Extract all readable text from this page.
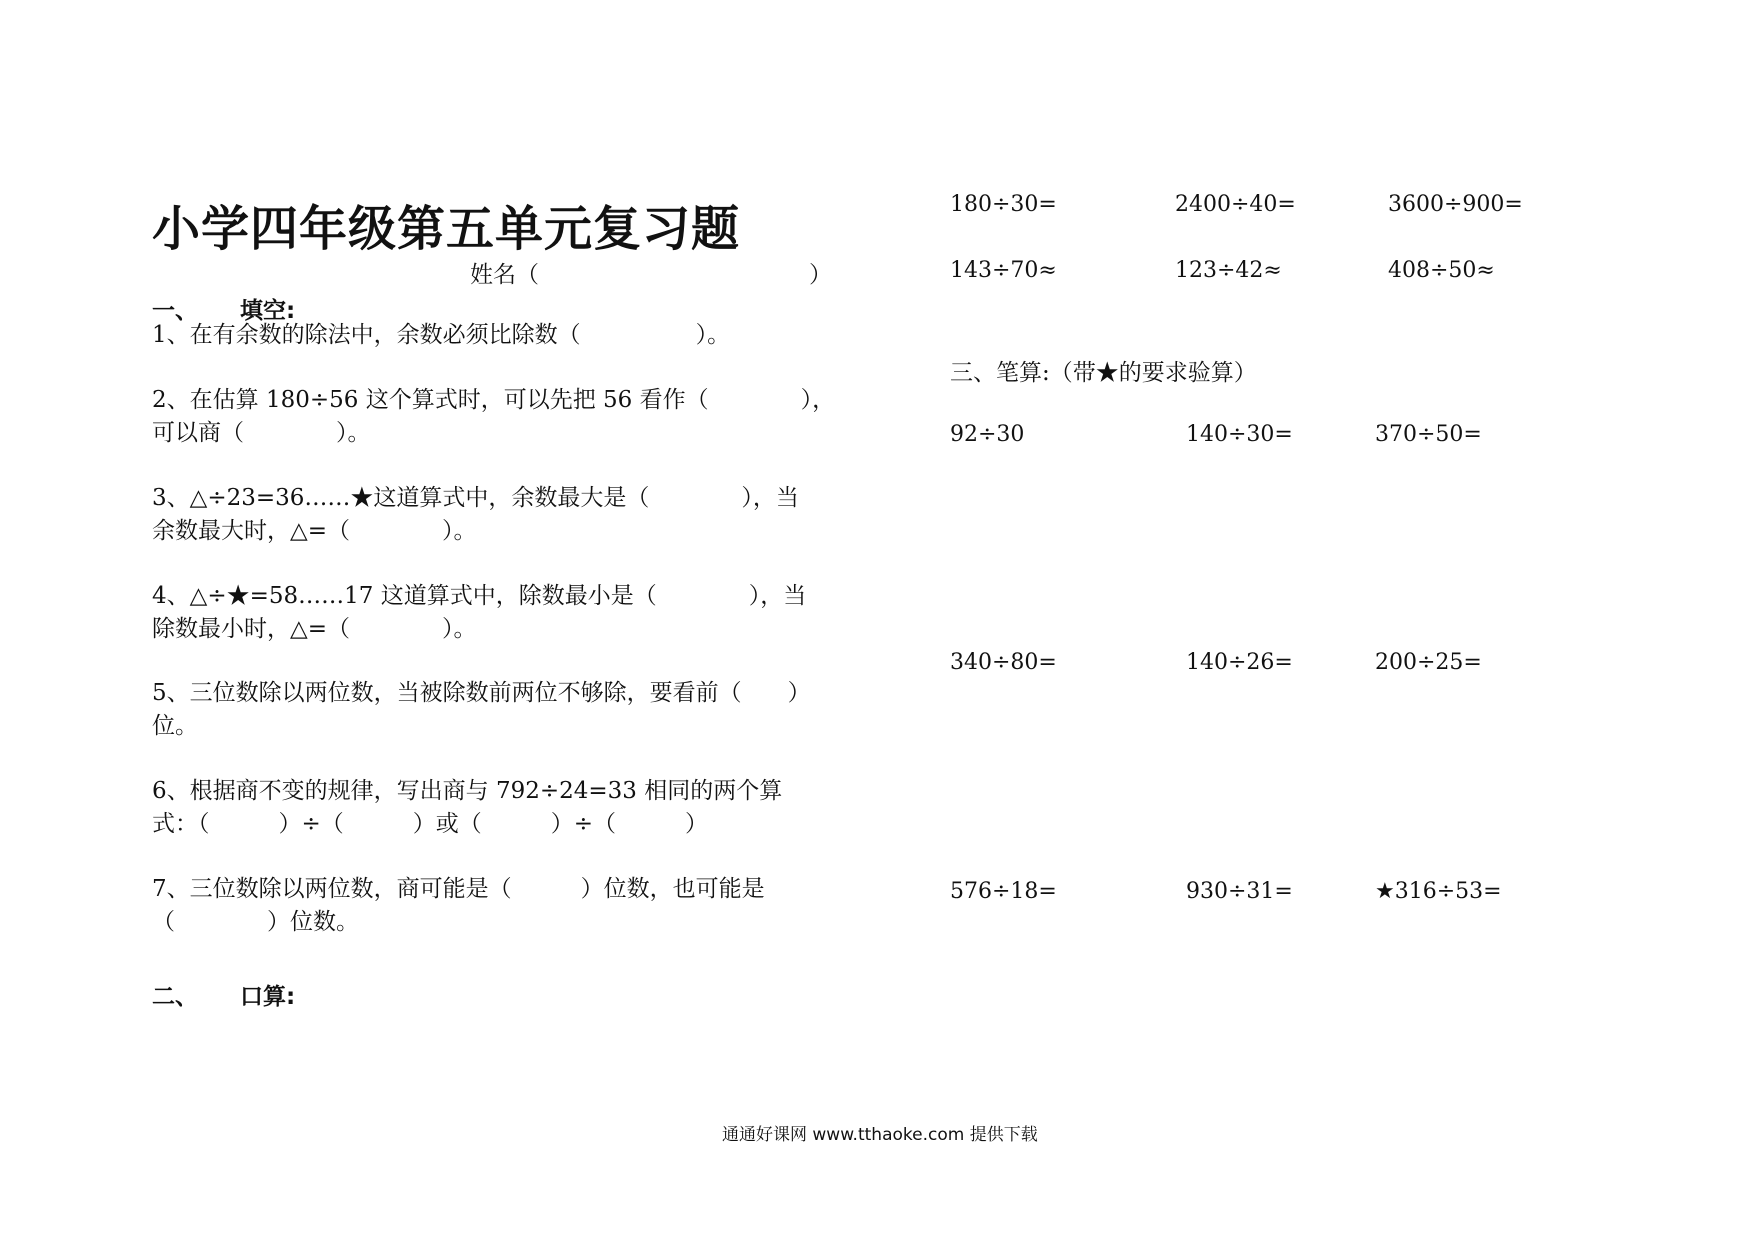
小学四年级第五单元复习题
姓名（	）
一、 填空:
1、在有余数的除法中，余数必须比除数（　　　　　）。
2、在估算 180÷56 这个算式时，可以先把 56 看作（　　　　），
可以商（　　　　）。
3、△÷23=36……★这道算式中，余数最大是（　　　　），当
余数最大时，△=（　　　　）。
4、△÷★=58……17 这道算式中，除数最小是（　　　　），当
除数最小时，△=（　　　　）。
5、三位数除以两位数，当被除数前两位不够除，要看前（　　）
位。
6、根据商不变的规律，写出商与 792÷24=33 相同的两个算
式：（　　　）÷（　　　）或（　　　）÷（　　　）
7、三位数除以两位数，商可能是（　　　）位数，也可能是
（　　　　）位数。
二、 口算:
180÷30=	2400÷40=	3600÷900=
143÷70≈	123÷42≈	408÷50≈
三、笔算:（带★的要求验算）
92÷30	140÷30=	370÷50=
340÷80=	140÷26=	200÷25=
576÷18=	930÷31=	★316÷53=
通通好课网 www.tthaoke.com 提供下载
